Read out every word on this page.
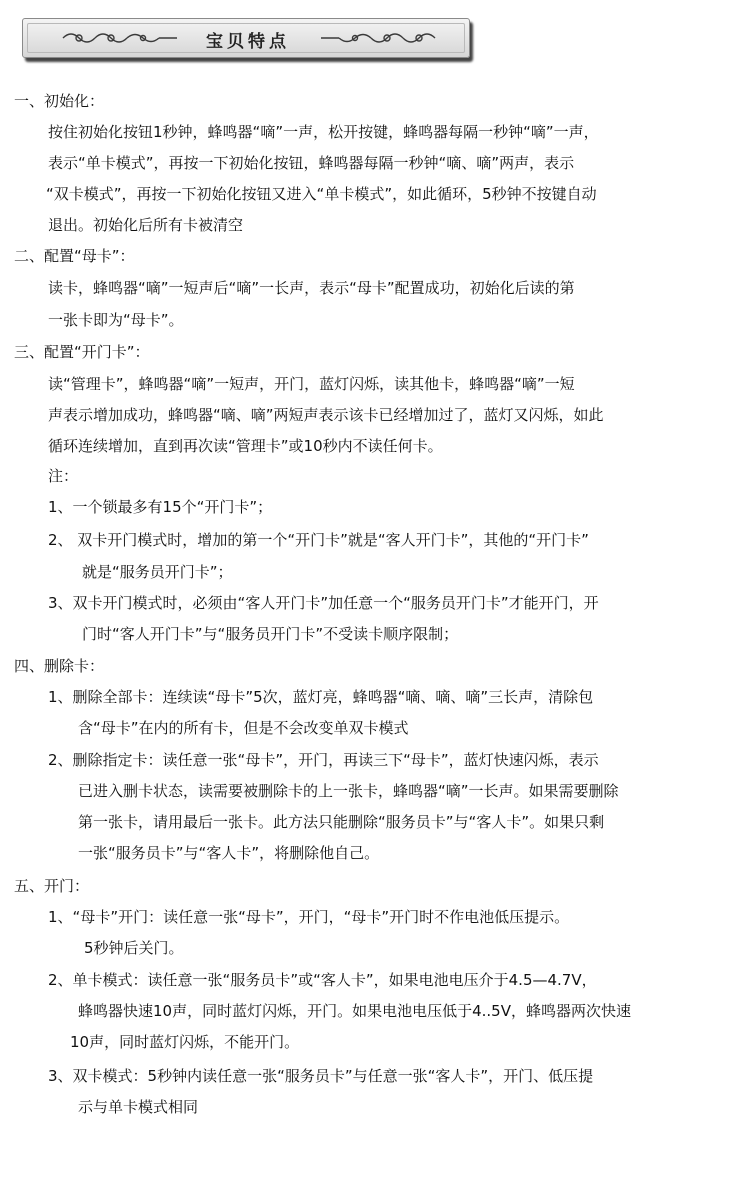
宝贝特点
一、初始化：
按住初始化按钮1秒钟，蜂鸣器“嘀”一声，松开按键，蜂鸣器每隔一秒钟“嘀”一声，
表示“单卡模式”，再按一下初始化按钮，蜂鸣器每隔一秒钟“嘀、嘀”两声，表示
“双卡模式”，再按一下初始化按钮又进入“单卡模式”，如此循环，5秒钟不按键自动
退出。初始化后所有卡被清空
二、配置“母卡”：
读卡，蜂鸣器“嘀”一短声后“嘀”一长声，表示“母卡”配置成功，初始化后读的第
一张卡即为“母卡”。
三、配置“开门卡”：
读“管理卡”，蜂鸣器“嘀”一短声，开门，蓝灯闪烁，读其他卡，蜂鸣器“嘀”一短
声表示增加成功，蜂鸣器“嘀、嘀”两短声表示该卡已经增加过了，蓝灯又闪烁，如此
循环连续增加，直到再次读“管理卡”或10秒内不读任何卡。
注：
1、一个锁最多有15个“开门卡”；
2、 双卡开门模式时，增加的第一个“开门卡”就是“客人开门卡”，其他的“开门卡”
就是“服务员开门卡”；
3、双卡开门模式时，必须由“客人开门卡”加任意一个“服务员开门卡”才能开门，开
门时“客人开门卡”与“服务员开门卡”不受读卡顺序限制；
四、删除卡：
1、删除全部卡：连续读“母卡”5次，蓝灯亮，蜂鸣器“嘀、嘀、嘀”三长声，清除包
含“母卡”在内的所有卡，但是不会改变单双卡模式
2、删除指定卡：读任意一张“母卡”，开门，再读三下“母卡”，蓝灯快速闪烁，表示
已进入删卡状态，读需要被删除卡的上一张卡，蜂鸣器“嘀”一长声。如果需要删除
第一张卡，请用最后一张卡。此方法只能删除“服务员卡”与“客人卡”。如果只剩
一张“服务员卡”与“客人卡”，将删除他自己。
五、开门：
1、“母卡”开门：读任意一张“母卡”，开门，“母卡”开门时不作电池低压提示。
5秒钟后关门。
2、单卡模式：读任意一张“服务员卡”或“客人卡”，如果电池电压介于4.5—4.7V，
蜂鸣器快速10声，同时蓝灯闪烁，开门。如果电池电压低于4..5V，蜂鸣器两次快速
10声，同时蓝灯闪烁，不能开门。
3、双卡模式：5秒钟内读任意一张“服务员卡”与任意一张“客人卡”，开门、低压提
示与单卡模式相同
